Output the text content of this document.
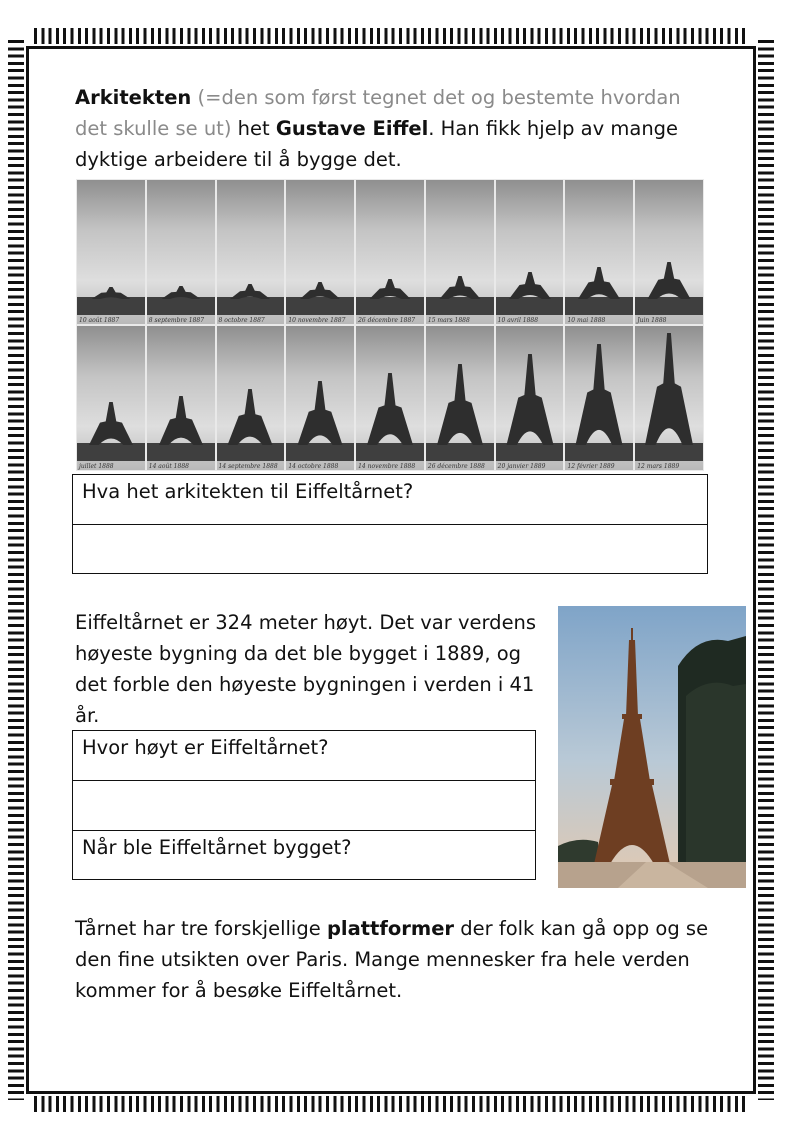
Arkitekten (=den som først tegnet det og bestemte hvordan det skulle se ut) het Gustave Eiffel. Han fikk hjelp av mange dyktige arbeidere til å bygge det.
10 août 1887	8 septembre 1887 8 octobre 1887	10 novembre 1887 26 décembre 1887 15 mars 1888	10 avril 1888	10 mai 1888	Juin 1888
juillet 1888	14 août 1888	14 septembre 1888 14 octobre 1888	14 novembre 1888 26 décembre 1888 20 janvier 1889	12 février 1889	12 mars 1889
Hva het arkitekten til Eiffeltårnet?
Eiffeltårnet er 324 meter høyt. Det var verdens høyeste bygning da det ble bygget i 1889, og det forble den høyeste bygningen i verden i 41 år.
Hvor høyt er Eiffeltårnet?
Når ble Eiffeltårnet bygget?
Tårnet har tre forskjellige plattformer der folk kan gå opp og se den fine utsikten over Paris. Mange mennesker fra hele verden kommer for å besøke Eiffeltårnet.
